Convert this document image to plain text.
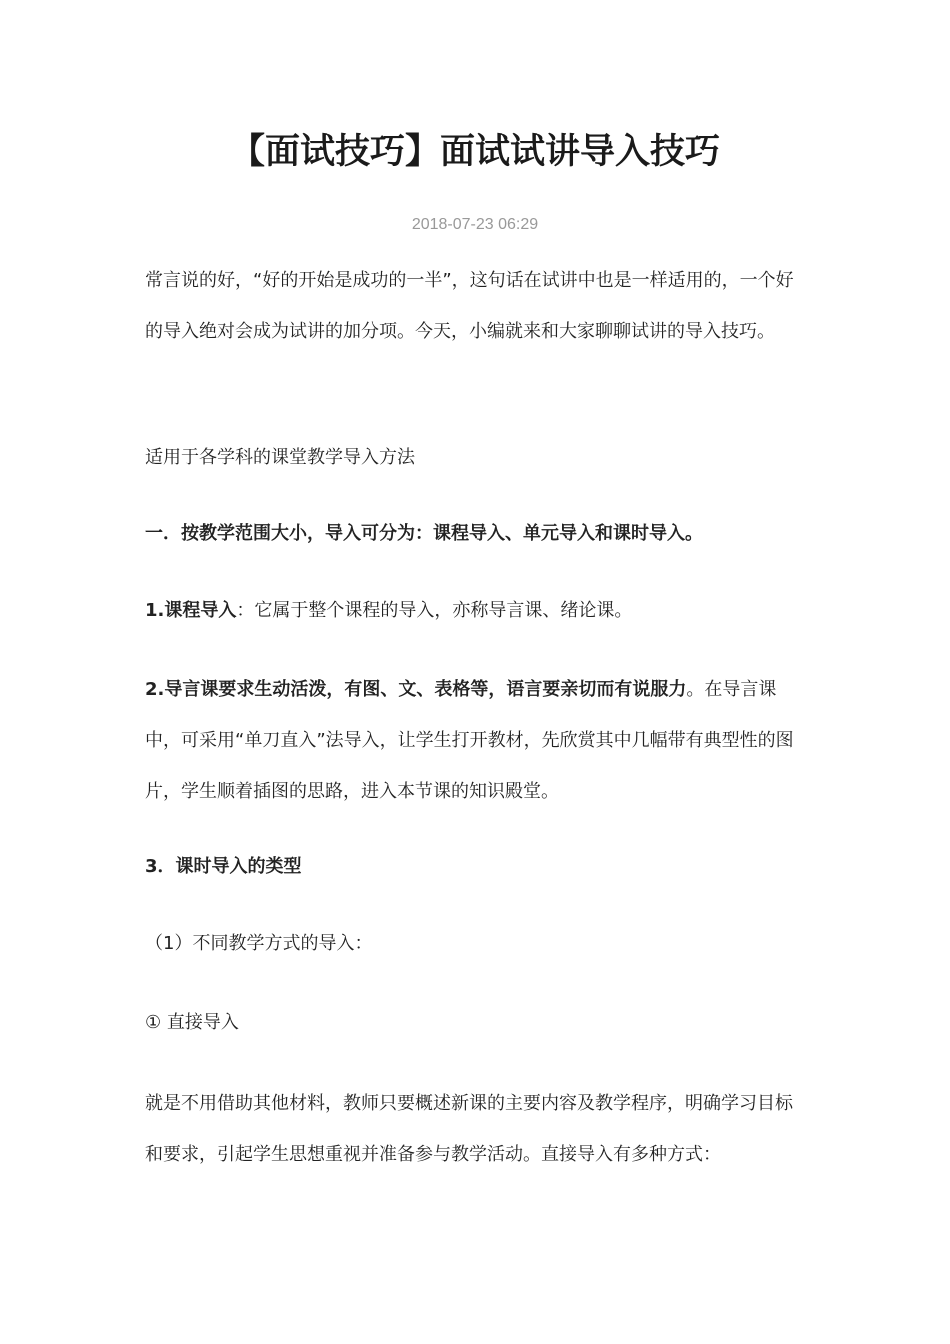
【面试技巧】面试试讲导入技巧
2018-07-23 06:29

常言说的好，“好的开始是成功的一半”，这句话在试讲中也是一样适用的，一个好的导入绝对会成为试讲的加分项。今天，小编就来和大家聊聊试讲的导入技巧。

适用于各学科的课堂教学导入方法

一．按教学范围大小，导入可分为：课程导入、单元导入和课时导入。

1.课程导入：它属于整个课程的导入，亦称导言课、绪论课。

2.导言课要求生动活泼，有图、文、表格等，语言要亲切而有说服力。在导言课中，可采用“单刀直入”法导入，让学生打开教材，先欣赏其中几幅带有典型性的图片，学生顺着插图的思路，进入本节课的知识殿堂。

3．课时导入的类型

（1）不同教学方式的导入：

① 直接导入

就是不用借助其他材料，教师只要概述新课的主要内容及教学程序，明确学习目标和要求，引起学生思想重视并准备参与教学活动。直接导入有多种方式：
